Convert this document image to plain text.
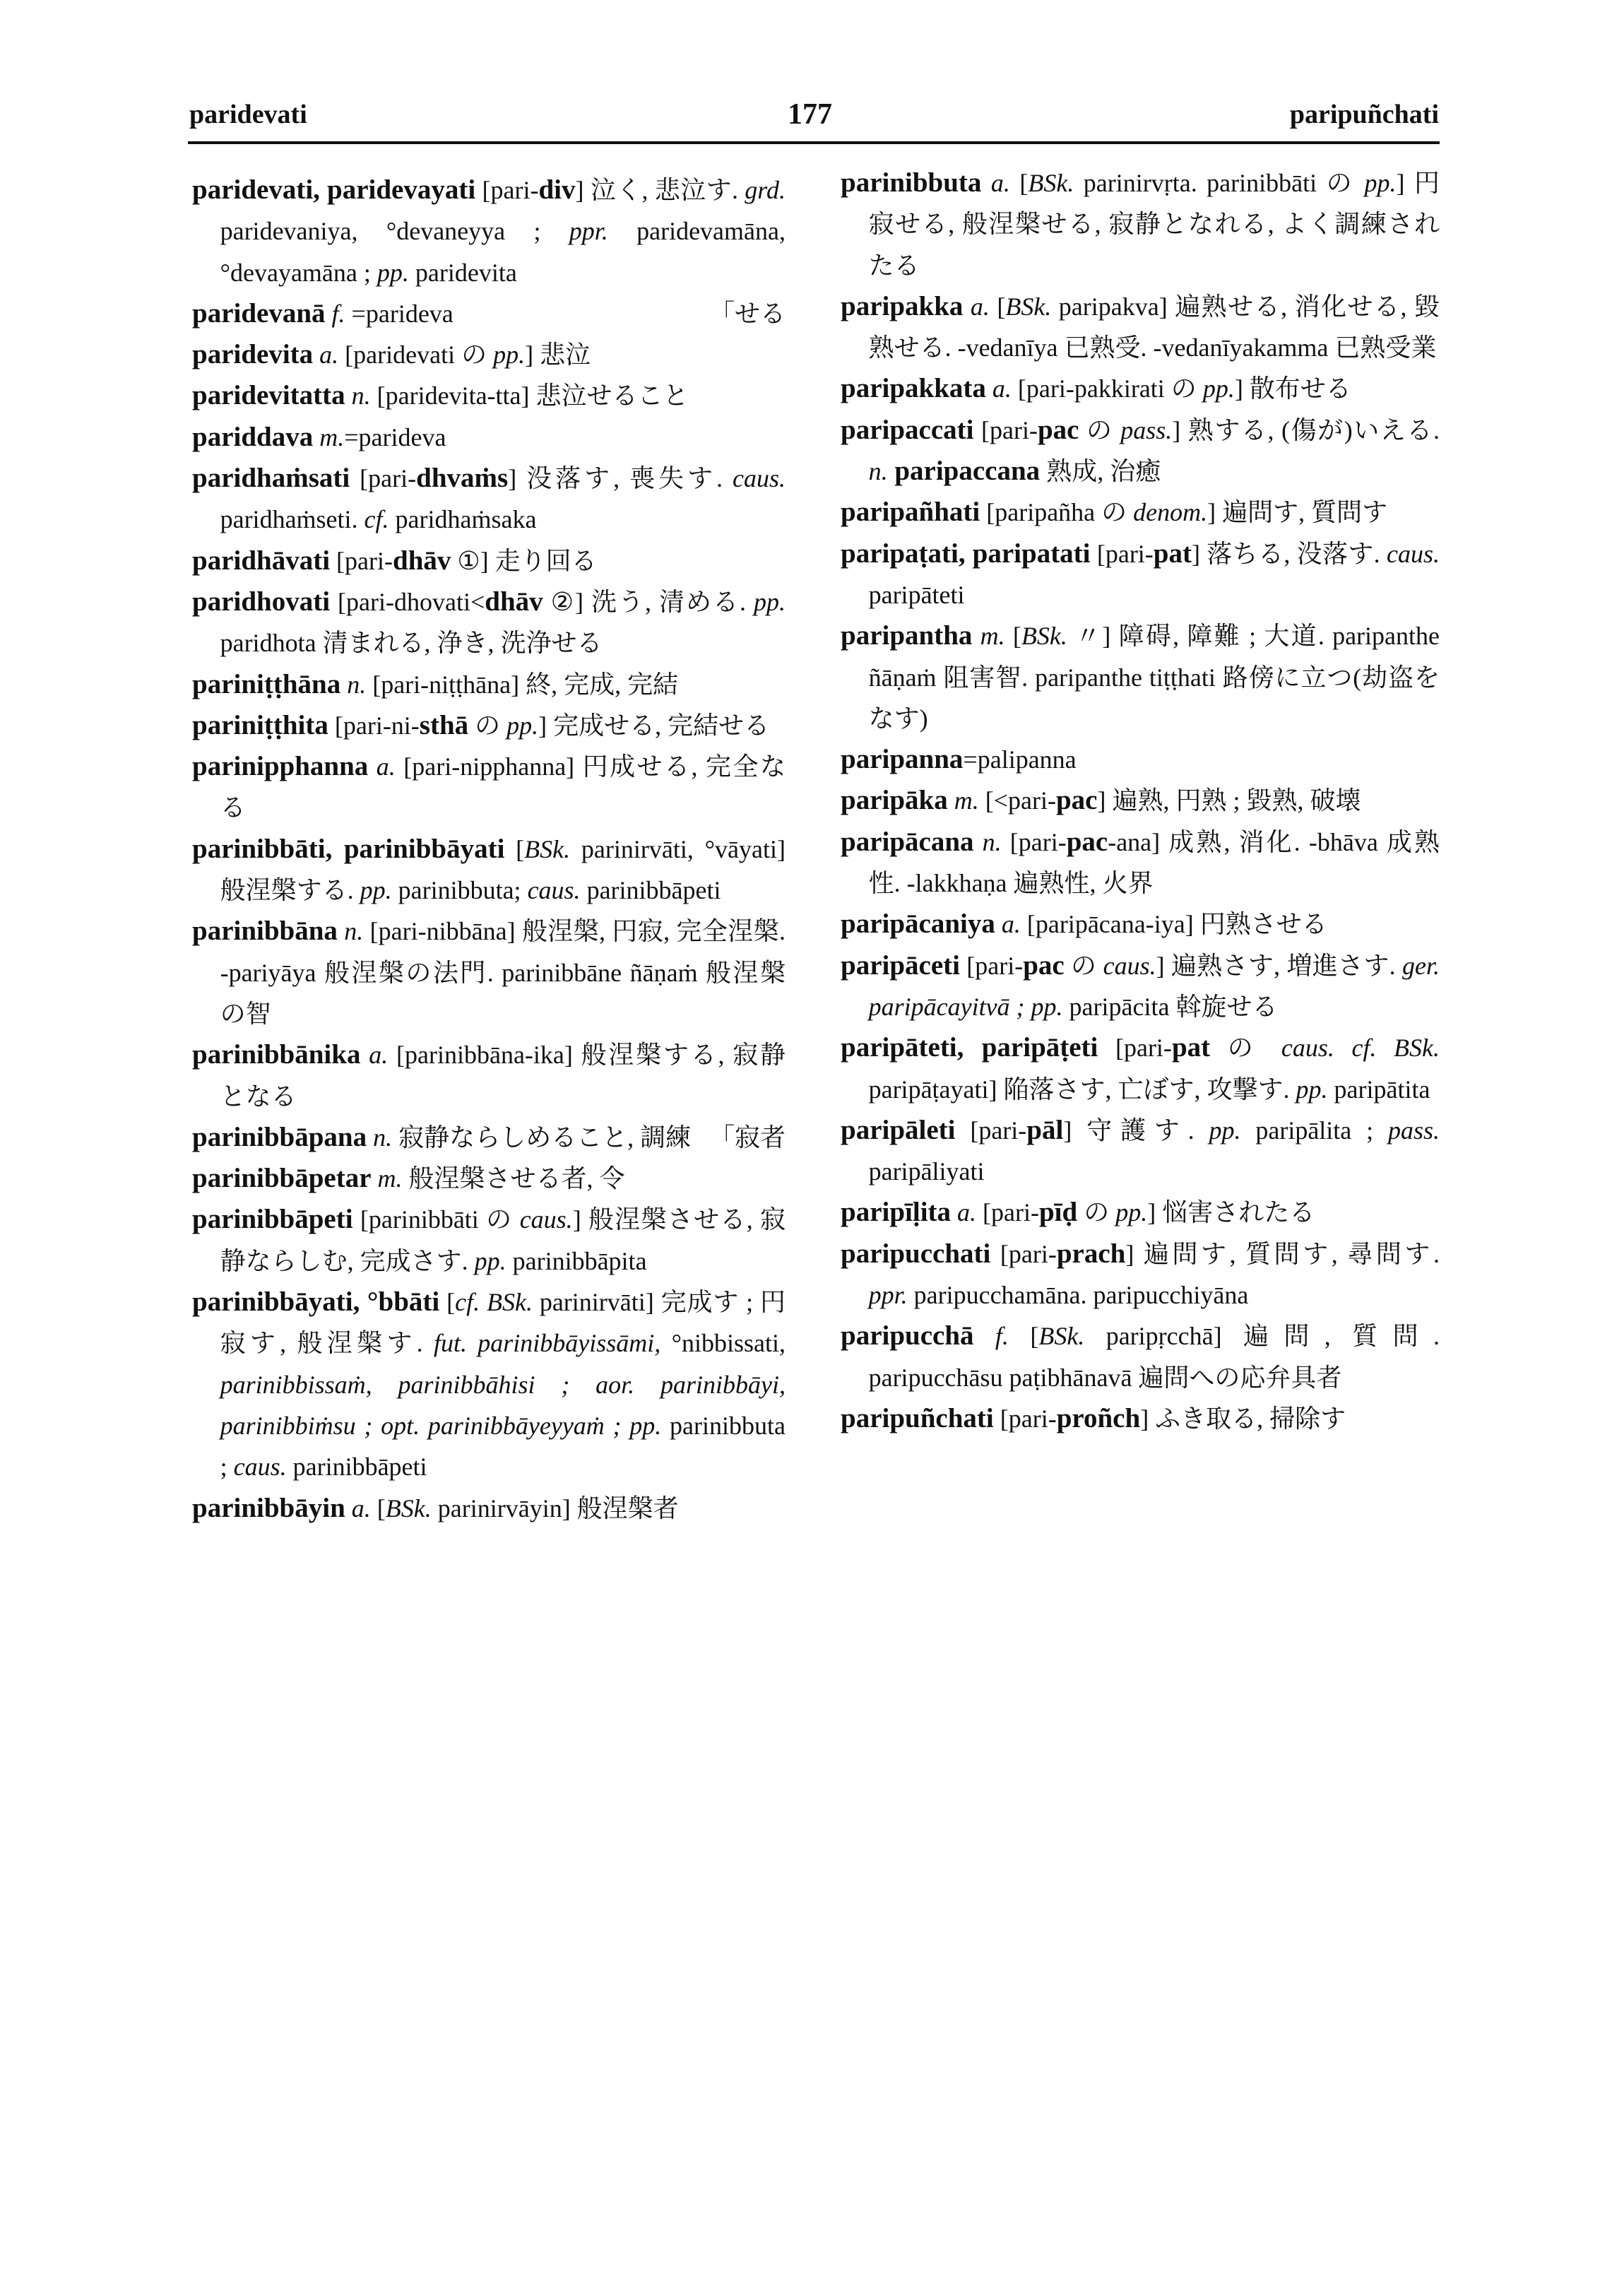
paridevati	177	paripuñchati
paridevati, paridevayati [pari-div] 泣く, 悲泣す. grd. paridevaniya, °devaneyya ; ppr. paridevamāna, °devayamāna ; pp. paridevita
paridevanā f. =parideva	「せる
paridevita a. [paridevati の pp.] 悲泣
paridevitatta n. [paridevita-tta] 悲泣せること
pariddava m.=parideva
paridhaṁsati [pari-dhvaṁs] 没落す, 喪失す. caus. paridhaṁseti. cf. paridhaṁsaka
paridhāvati [pari-dhāv ①] 走り回る
paridhovati [pari-dhovati<dhāv ②] 洗う, 清める. pp. paridhota 清まれる, 浄き, 洗浄せる
pariniṭṭhāna n. [pari-niṭṭhāna] 終, 完成, 完結
pariniṭṭhita [pari-ni-sthā の pp.] 完成せる, 完結せる
parinipphanna a. [pari-nipphanna] 円成せる, 完全なる
parinibbāti, parinibbāyati [BSk. parinirvāti, °vāyati] 般涅槃する. pp. parinibbuta; caus. parinibbāpeti
parinibbāna n. [pari-nibbāna] 般涅槃, 円寂, 完全涅槃. -pariyāya 般涅槃の法門. parinibbāne ñāṇaṁ 般涅槃の智
parinibbānika a. [parinibbāna-ika] 般涅槃する, 寂静となる
parinibbāpana n. 寂静ならしめること, 調練 「寂者
parinibbāpetar m. 般涅槃させる者, 令
parinibbāpeti [parinibbāti の caus.] 般涅槃させる, 寂静ならしむ, 完成さす. pp. parinibbāpita
parinibbāyati, °bbāti [cf. BSk. parinirvāti] 完成す ; 円寂す, 般涅槃す. fut. parinibbāyissāmi, °nibbissati, parinibbissaṁ, parinibbāhisi ; aor. parinibbāyi, parinibbiṁsu ; opt. parinibbāyeyyaṁ ; pp. parinibbuta ; caus. parinibbāpeti
parinibbāyin a. [BSk. parinirvāyin] 般涅槃者
parinibbuta a. [BSk. parinirvṛta. parinibbāti の pp.] 円寂せる, 般涅槃せる, 寂静となれる, よく調練されたる
paripakka a. [BSk. paripakva] 遍熟せる, 消化せる, 毀熟せる. -vedanīya 已熟受. -vedanīyakamma 已熟受業
paripakkata a. [pari-pakkirati の pp.] 散布せる
paripaccati [pari-pac の pass.] 熟する, (傷が)いえる. n. paripaccana 熟成, 治癒
paripañhati [paripañha の denom.] 遍問す, 質問す
paripaṭati, paripatati [pari-pat] 落ちる, 没落す. caus. paripāteti
paripantha m. [BSk. 〃] 障碍, 障難 ; 大道. paripanthe ñāṇaṁ 阻害智. paripanthe tiṭṭhati 路傍に立つ(劫盗をなす)
paripanna=palipanna
paripāka m. [<pari-pac] 遍熟, 円熟 ; 毀熟, 破壊
paripācana n. [pari-pac-ana] 成熟, 消化. -bhāva 成熟性. -lakkhaṇa 遍熟性, 火界
paripācaniya a. [paripācana-iya] 円熟させる
paripāceti [pari-pac の caus.] 遍熟さす, 増進さす. ger. paripācayitvā ; pp. paripācita 斡旋せる
paripāteti, paripāṭeti [pari-pat の caus. cf. BSk. paripāṭayati] 陥落さす, 亡ぼす, 攻撃す. pp. paripātita
paripāleti [pari-pāl] 守護す. pp. paripālita ; pass. paripāliyati
paripīḷita a. [pari-pīḍ の pp.] 悩害されたる
paripucchati [pari-prach] 遍問す, 質問す, 尋問す. ppr. paripucchamāna. paripucchiyāna
paripucchā f. [BSk. paripṛcchā] 遍問, 質問. paripucchāsu paṭibhānavā 遍問への応弁具者
paripuñchati [pari-proñch] ふき取る, 掃除す
